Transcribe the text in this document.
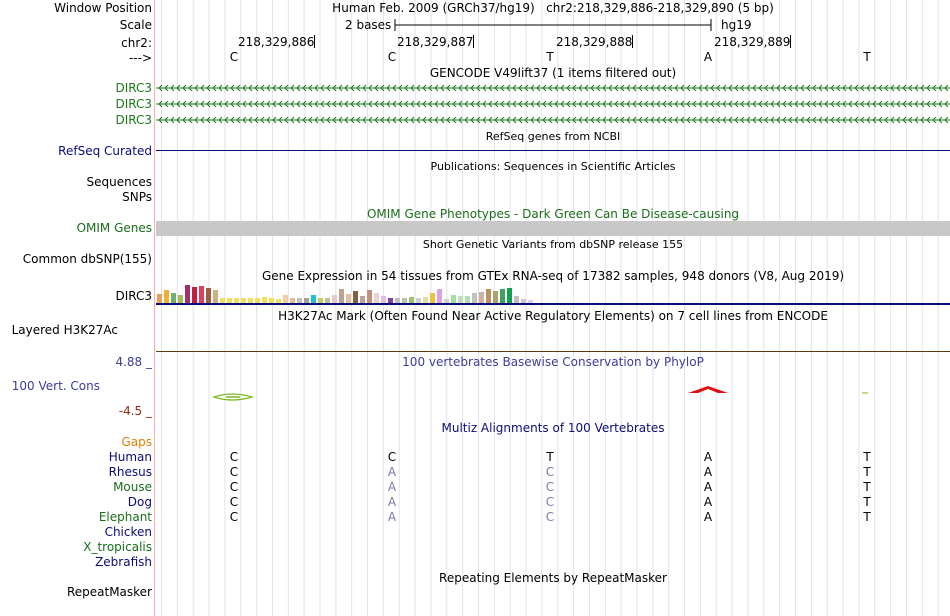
Window Position	Human Feb. 2009 (GRCh37/hg19)   chr2:218,329,886-218,329,890 (5 bp)
Scale	2 bases	hg19
chr2:	218,329,886	218,329,887	218,329,888	218,329,889
--->	C	C	T	A	T
GENCODE V49lift37 (1 items filtered out)
DIRC3
DIRC3
DIRC3
RefSeq genes from NCBI
RefSeq Curated
Publications: Sequences in Scientific Articles
Sequences
SNPs
OMIM Gene Phenotypes - Dark Green Can Be Disease-causing
OMIM Genes
Short Genetic Variants from dbSNP release 155
Common dbSNP(155)
Gene Expression in 54 tissues from GTEx RNA-seq of 17382 samples, 948 donors (V8, Aug 2019)
DIRC3
H3K27Ac Mark (Often Found Near Active Regulatory Elements) on 7 cell lines from ENCODE
Layered H3K27Ac
100 vertebrates Basewise Conservation by PhyloP
4.88 _
100 Vert. Cons
-4.5 _
Multiz Alignments of 100 Vertebrates
Gaps
Human	C	C	T	A	T
Rhesus	C	A	C	A	T
Mouse	C	A	C	A	T
Dog	C	A	C	A	T
Elephant	C	A	C	A	T
Chicken
X_tropicalis
Zebrafish
Repeating Elements by RepeatMasker
RepeatMasker
